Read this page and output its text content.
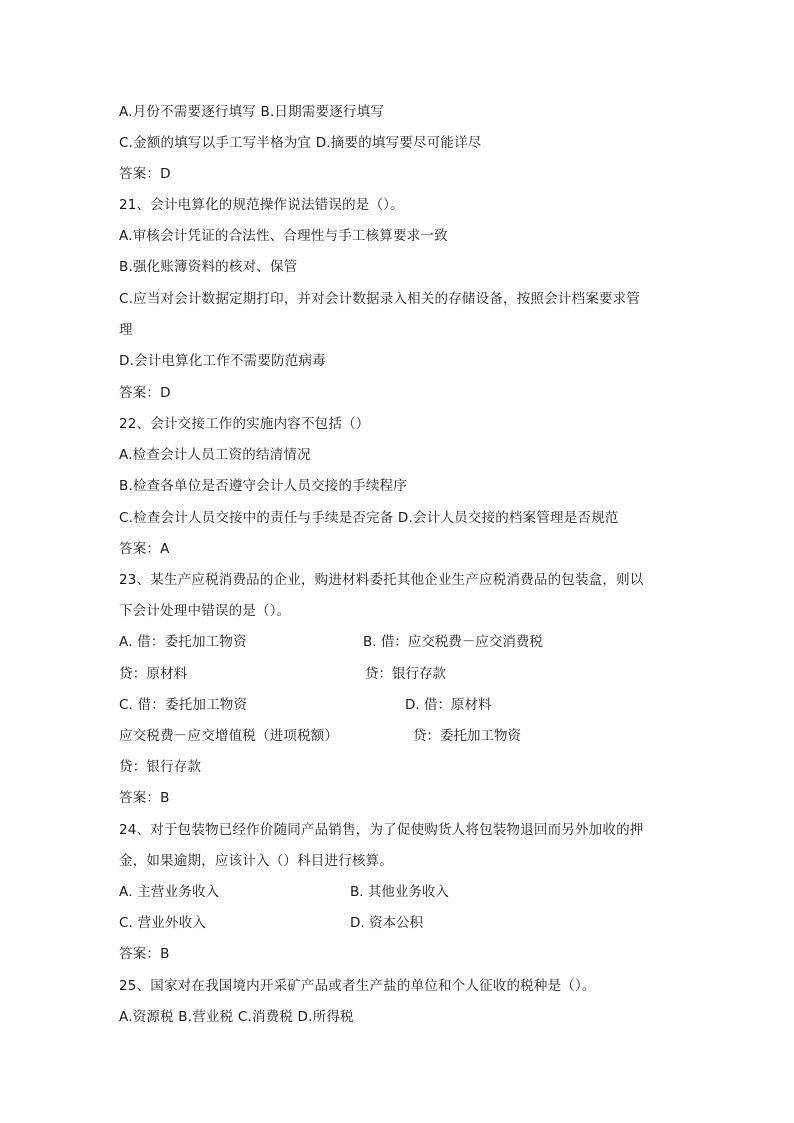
A.月份不需要逐行填写 B.日期需要逐行填写
C.金额的填写以手工写半格为宜 D.摘要的填写要尽可能详尽
答案：D
21、会计电算化的规范操作说法错误的是（）。
A.审核会计凭证的合法性、合理性与手工核算要求一致
B.强化账簿资料的核对、保管
C.应当对会计数据定期打印，并对会计数据录入相关的存储设备，按照会计档案要求管
理
D.会计电算化工作不需要防范病毒
答案：D
22、会计交接工作的实施内容不包括（）
A.检查会计人员工资的结清情况
B.检查各单位是否遵守会计人员交接的手续程序
C.检查会计人员交接中的责任与手续是否完备 D.会计人员交接的档案管理是否规范
答案：A
23、某生产应税消费品的企业，购进材料委托其他企业生产应税消费品的包装盒，则以
下会计处理中错误的是（）。
A. 借：委托加工物资	B. 借：应交税费－应交消费税
贷：原材料	贷：银行存款
C. 借：委托加工物资	D. 借：原材料
应交税费－应交增值税（进项税额）	贷：委托加工物资
贷：银行存款
答案：B
24、对于包装物已经作价随同产品销售，为了促使购货人将包装物退回而另外加收的押
金，如果逾期，应该计入（）科目进行核算。
A. 主营业务收入	B. 其他业务收入
C. 营业外收入	D. 资本公积
答案：B
25、国家对在我国境内开采矿产品或者生产盐的单位和个人征收的税种是（）。
A.资源税 B.营业税 C.消费税 D.所得税
